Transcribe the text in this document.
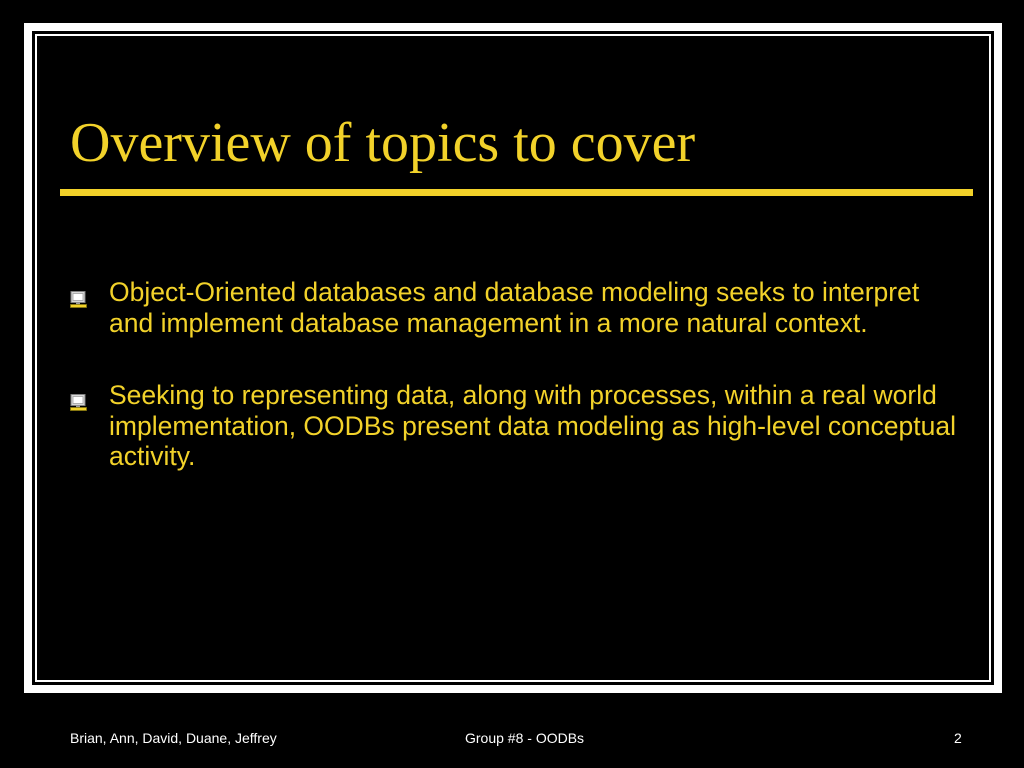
Overview of topics to cover
Object-Oriented databases and database modeling seeks to interpret and implement database management in a more natural context.
Seeking to representing data, along with processes, within a real world implementation, OODBs present data modeling as high-level conceptual activity.
Brian, Ann, David, Duane, Jeffrey	Group #8 - OODBs	2
